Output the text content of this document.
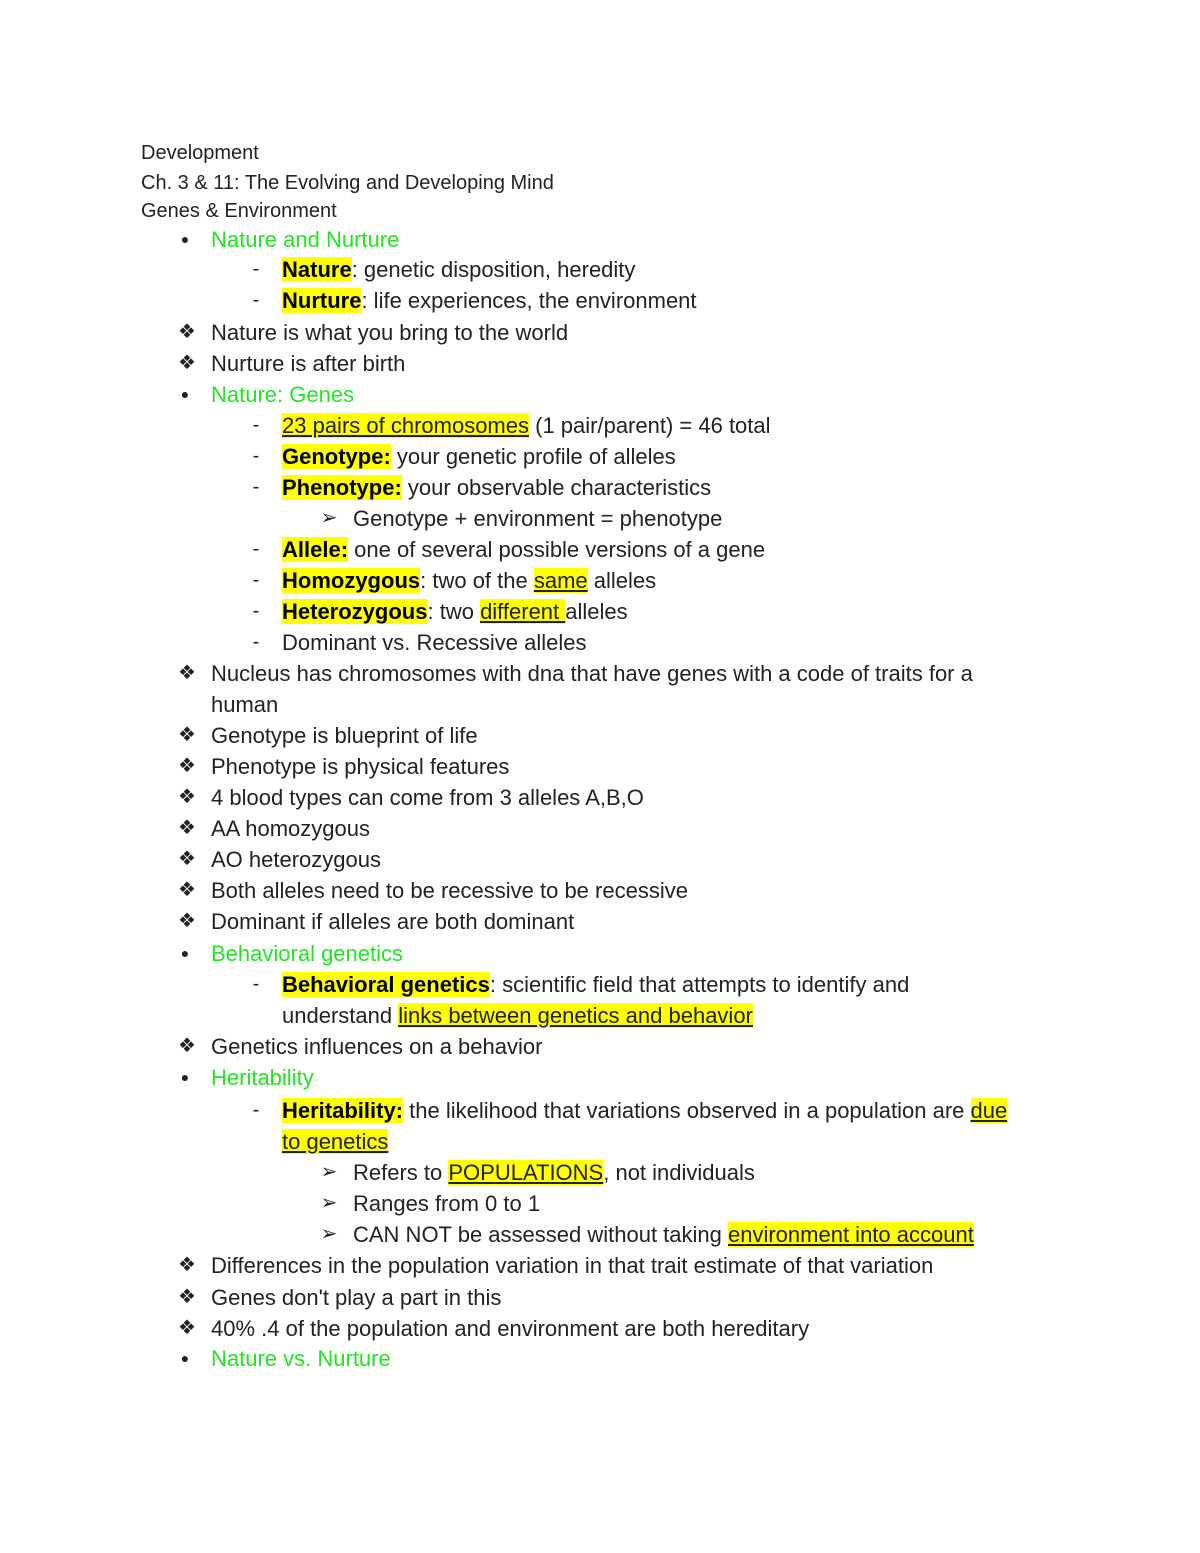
Development
Ch. 3 & 11: The Evolving and Developing Mind
Genes & Environment
● Nature and Nurture
-	Nature: genetic disposition, heredity
-	Nurture: life experiences, the environment
❖ Nature is what you bring to the world
❖ Nurture is after birth
● Nature: Genes
-	23 pairs of chromosomes (1 pair/parent) = 46 total
-	Genotype: your genetic profile of alleles
-	Phenotype: your observable characteristics
➢ Genotype + environment = phenotype
-	Allele: one of several possible versions of a gene
-	Homozygous: two of the same alleles
-	Heterozygous: two different alleles
-	Dominant vs. Recessive alleles
❖ Nucleus has chromosomes with dna that have genes with a code of traits for a
human
❖ Genotype is blueprint of life
❖ Phenotype is physical features
❖ 4 blood types can come from 3 alleles A,B,O
❖ AA homozygous
❖ AO heterozygous
❖ Both alleles need to be recessive to be recessive
❖ Dominant if alleles are both dominant
● Behavioral genetics
-	Behavioral genetics: scientific field that attempts to identify and
understand links between genetics and behavior
❖ Genetics influences on a behavior
● Heritability
-	Heritability: the likelihood that variations observed in a population are due
to genetics
➢ Refers to POPULATIONS, not individuals
➢ Ranges from 0 to 1
➢ CAN NOT be assessed without taking environment into account
❖ Differences in the population variation in that trait estimate of that variation
❖ Genes don't play a part in this
❖ 40% .4 of the population and environment are both hereditary
● Nature vs. Nurture
